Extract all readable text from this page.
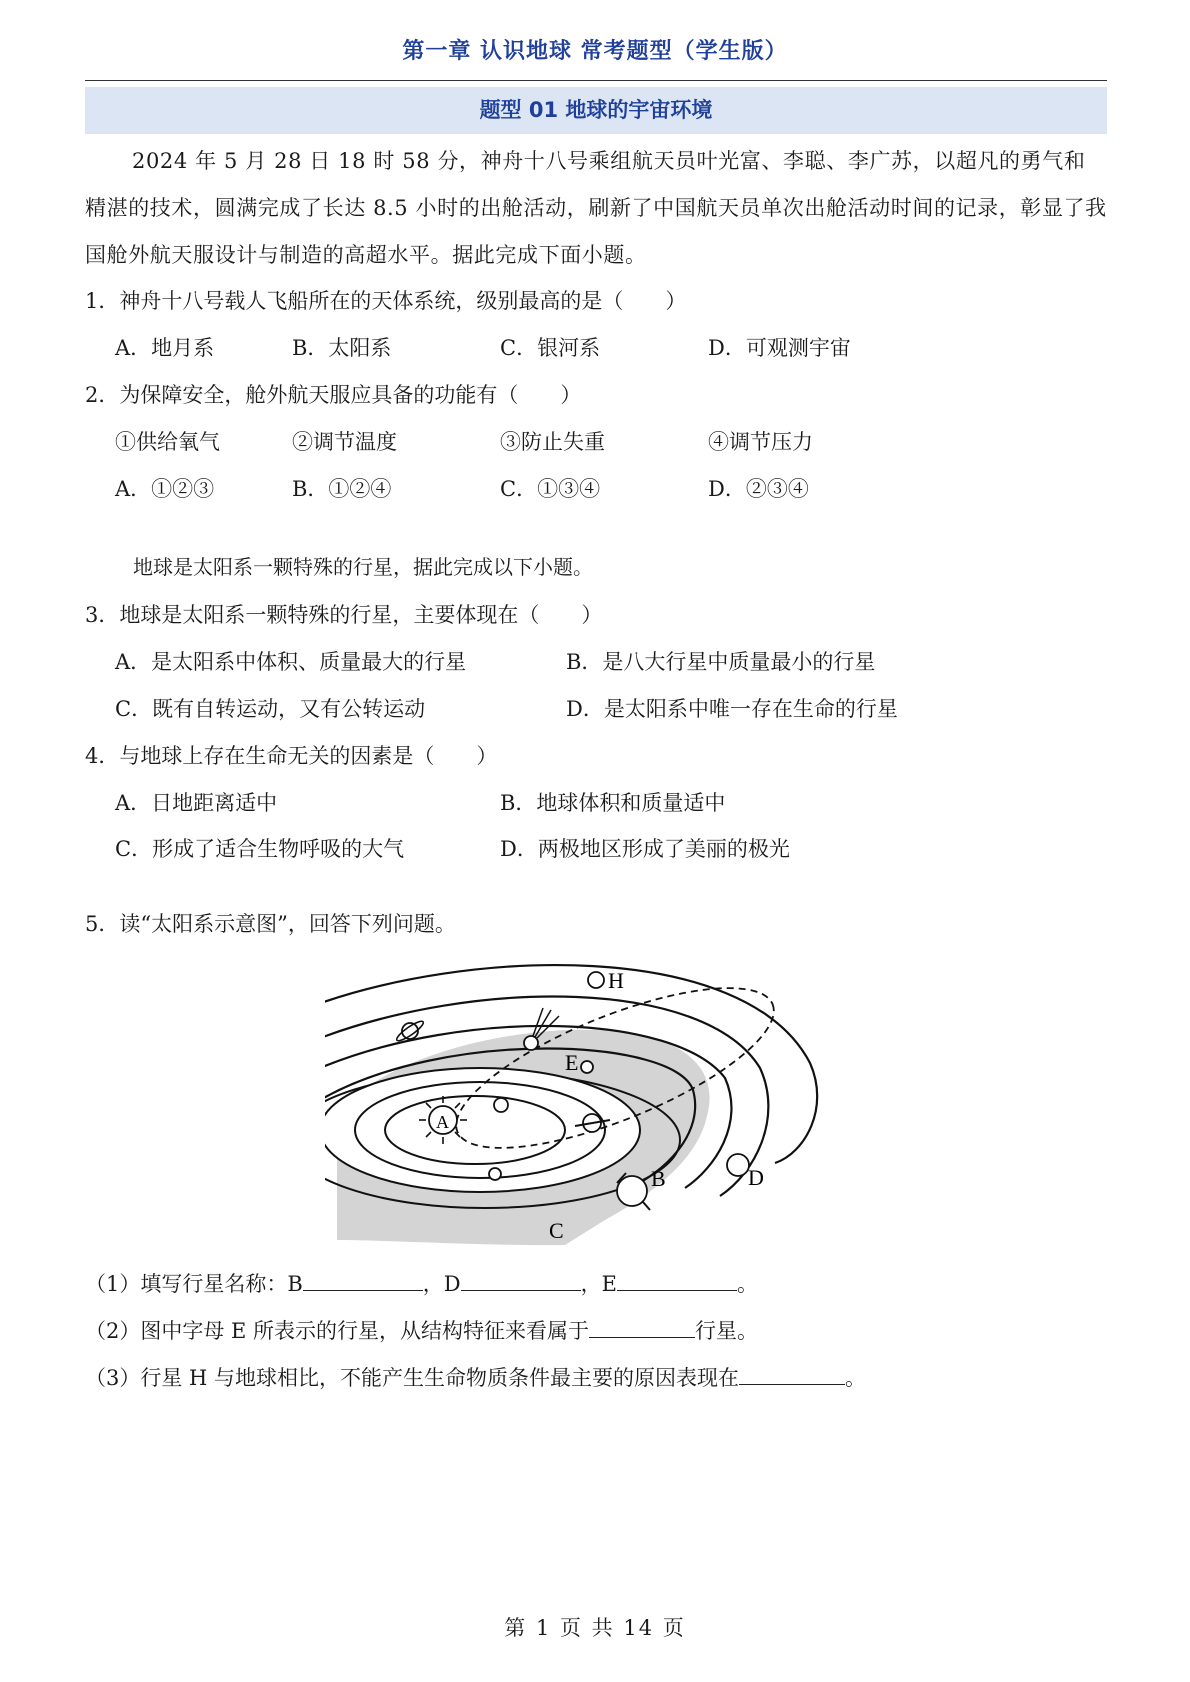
第一章 认识地球 常考题型（学生版）
题型 01 地球的宇宙环境
2024 年 5 月 28 日 18 时 58 分，神舟十八号乘组航天员叶光富、李聪、李广苏，以超凡的勇气和精湛的技术，圆满完成了长达 8.5 小时的出舱活动，刷新了中国航天员单次出舱活动时间的记录，彰显了我国舱外航天服设计与制造的高超水平。据此完成下面小题。
1．神舟十八号载人飞船所在的天体系统，级别最高的是（　　）
A．地月系	B．太阳系	C．银河系	D．可观测宇宙
2．为保障安全，舱外航天服应具备的功能有（　　）
①供给氧气	②调节温度	③防止失重	④调节压力
A．①②③	B．①②④	C．①③④	D．②③④
地球是太阳系一颗特殊的行星，据此完成以下小题。
3．地球是太阳系一颗特殊的行星，主要体现在（　　）
A．是太阳系中体积、质量最大的行星	B．是八大行星中质量最小的行星
C．既有自转运动，又有公转运动	D．是太阳系中唯一存在生命的行星
4．与地球上存在生命无关的因素是（　　）
A．日地距离适中	B．地球体积和质量适中
C．形成了适合生物呼吸的大气	D．两极地区形成了美丽的极光
5．读“太阳系示意图”，回答下列问题。
H
E
A
B	D
C
（1）填写行星名称：B	，D	，E	。
（2）图中字母 E 所表示的行星，从结构特征来看属于	行星。
（3）行星 H 与地球相比，不能产生生命物质条件最主要的原因表现在	。
第 1 页 共 14 页
